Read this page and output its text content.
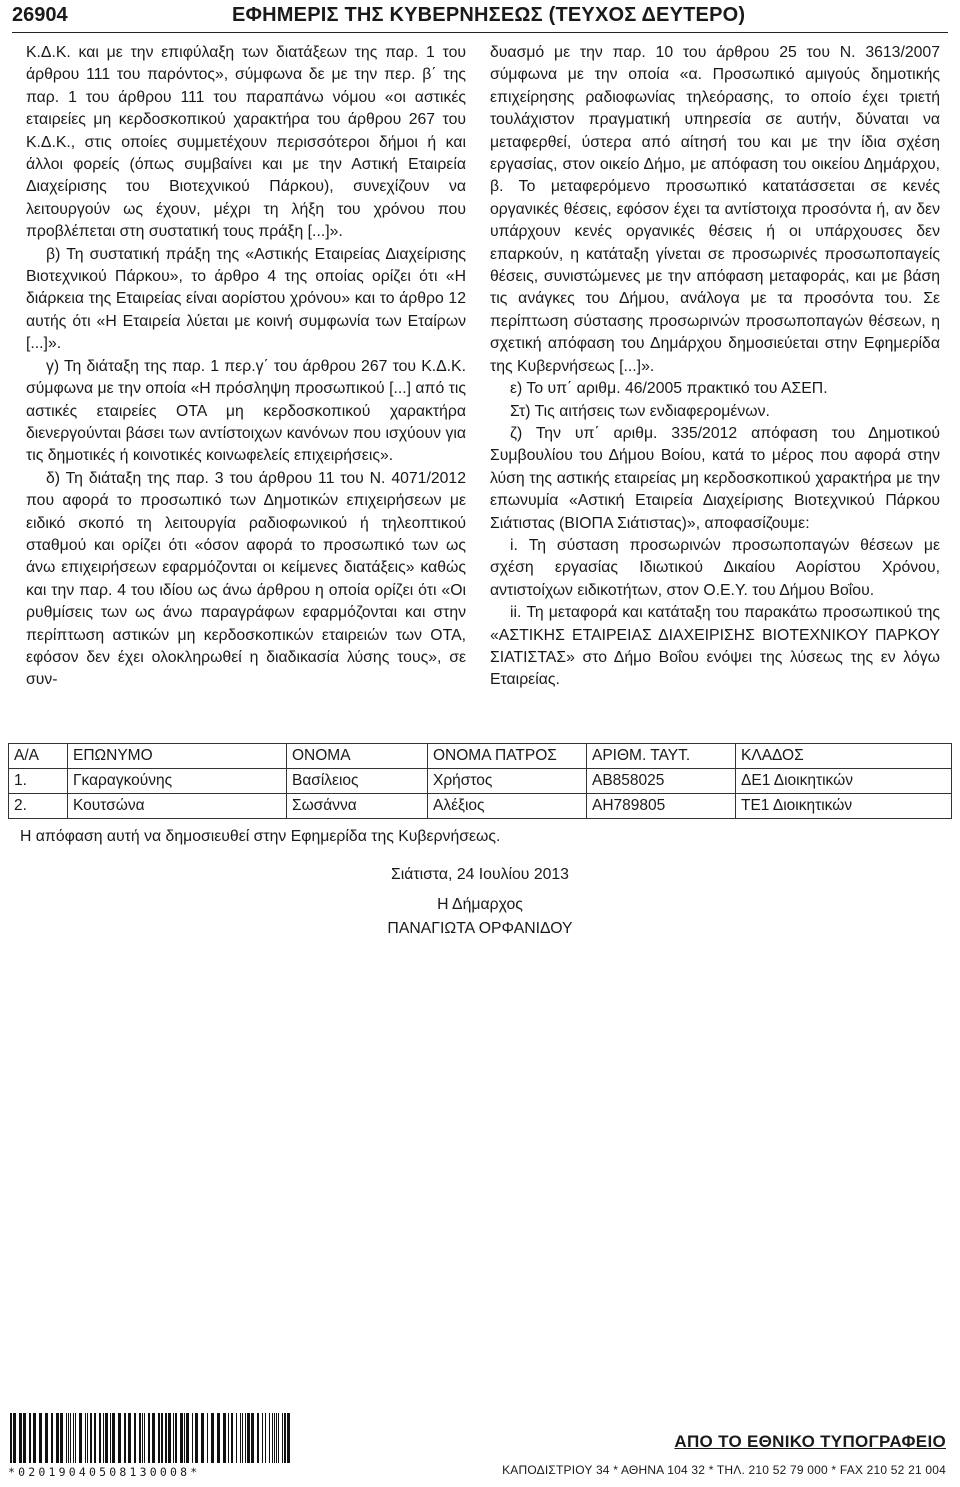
26904	ΕΦΗΜΕΡΙΣ ΤΗΣ ΚΥΒΕΡΝΗΣΕΩΣ (ΤΕΥΧΟΣ ΔΕΥΤΕΡΟ)

Κ.Δ.Κ. και με την επιφύλαξη των διατάξεων της παρ. 1 του άρθρου 111 του παρόντος», σύμφωνα δε με την περ. β΄ της παρ. 1 του άρθρου 111 του παραπάνω νόμου «οι αστικές εταιρείες μη κερδοσκοπικού χαρακτήρα του άρθρου 267 του Κ.Δ.Κ., στις οποίες συμμετέχουν περισσότεροι δήμοι ή και άλλοι φορείς (όπως συμβαίνει και με την Αστική Εταιρεία Διαχείρισης του Βιοτεχνικού Πάρκου), συνεχίζουν να λειτουργούν ως έχουν, μέχρι τη λήξη του χρόνου που προβλέπεται στη συστατική τους πράξη [...]».

β) Τη συστατική πράξη της «Αστικής Εταιρείας Διαχείρισης Βιοτεχνικού Πάρκου», το άρθρο 4 της οποίας ορίζει ότι «Η διάρκεια της Εταιρείας είναι αορίστου χρόνου» και το άρθρο 12 αυτής ότι «Η Εταιρεία λύεται με κοινή συμφωνία των Εταίρων [...]».

γ) Τη διάταξη της παρ. 1 περ.γ΄ του άρθρου 267 του Κ.Δ.Κ. σύμφωνα με την οποία «Η πρόσληψη προσωπικού [...] από τις αστικές εταιρείες ΟΤΑ μη κερδοσκοπικού χαρακτήρα διενεργούνται βάσει των αντίστοιχων κανόνων που ισχύουν για τις δημοτικές ή κοινοτικές κοινωφελείς επιχειρήσεις».

δ) Τη διάταξη της παρ. 3 του άρθρου 11 του Ν. 4071/2012 που αφορά το προσωπικό των Δημοτικών επιχειρήσεων με ειδικό σκοπό τη λειτουργία ραδιοφωνικού ή τηλεοπτικού σταθμού και ορίζει ότι «όσον αφορά το προσωπικό των ως άνω επιχειρήσεων εφαρμόζονται οι κείμενες διατάξεις» καθώς και την παρ. 4 του ιδίου ως άνω άρθρου η οποία ορίζει ότι «Οι ρυθμίσεις των ως άνω παραγράφων εφαρμόζονται και στην περίπτωση αστικών μη κερδοσκοπικών εταιρειών των ΟΤΑ, εφόσον δεν έχει ολοκληρωθεί η διαδικασία λύσης τους», σε συν-

δυασμό με την παρ. 10 του άρθρου 25 του Ν. 3613/2007 σύμφωνα με την οποία «α. Προσωπικό αμιγούς δημοτικής επιχείρησης ραδιοφωνίας τηλεόρασης, το οποίο έχει τριετή τουλάχιστον πραγματική υπηρεσία σε αυτήν, δύναται να μεταφερθεί, ύστερα από αίτησή του και με την ίδια σχέση εργασίας, στον οικείο Δήμο, με απόφαση του οικείου Δημάρχου, β. Το μεταφερόμενο προσωπικό κατατάσσεται σε κενές οργανικές θέσεις, εφόσον έχει τα αντίστοιχα προσόντα ή, αν δεν υπάρχουν κενές οργανικές θέσεις ή οι υπάρχουσες δεν επαρκούν, η κατάταξη γίνεται σε προσωρινές προσωποπαγείς θέσεις, συνιστώμενες με την απόφαση μεταφοράς, και με βάση τις ανάγκες του Δήμου, ανάλογα με τα προσόντα του. Σε περίπτωση σύστασης προσωρινών προσωποπαγών θέσεων, η σχετική απόφαση του Δημάρχου δημοσιεύεται στην Εφημερίδα της Κυβερνήσεως [...]».

ε) Το υπ΄ αριθμ. 46/2005 πρακτικό του ΑΣΕΠ.

Στ) Τις αιτήσεις των ενδιαφερομένων.

ζ) Την υπ΄ αριθμ. 335/2012 απόφαση του Δημοτικού Συμβουλίου του Δήμου Βοίου, κατά το μέρος που αφορά στην λύση της αστικής εταιρείας μη κερδοσκοπικού χαρακτήρα με την επωνυμία «Αστική Εταιρεία Διαχείρισης Βιοτεχνικού Πάρκου Σιάτιστας (ΒΙΟΠΑ Σιάτιστας)», αποφασίζουμε:

i. Τη σύσταση προσωρινών προσωποπαγών θέσεων με σχέση εργασίας Ιδιωτικού Δικαίου Αορίστου Χρόνου, αντιστοίχων ειδικοτήτων, στον Ο.Ε.Υ. του Δήμου Βοΐου.

ii. Τη μεταφορά και κατάταξη του παρακάτω προσωπικού της «ΑΣΤΙΚΗΣ ΕΤΑΙΡΕΙΑΣ ΔΙΑΧΕΙΡΙΣΗΣ ΒΙΟΤΕΧΝΙΚΟΥ ΠΑΡΚΟΥ ΣΙΑΤΙΣΤΑΣ» στο Δήμο Βοΐου ενόψει της λύσεως της εν λόγω Εταιρείας.

Α/Α	ΕΠΩΝΥΜΟ	ΟΝΟΜΑ	ΟΝΟΜΑ ΠΑΤΡΟΣ	ΑΡΙΘΜ. ΤΑΥΤ.	ΚΛΑΔΟΣ
1.	Γκαραγκούνης	Βασίλειος	Χρήστος	ΑΒ858025	ΔΕ1 Διοικητικών
2.	Κουτσώνα	Σωσάννα	Αλέξιος	ΑΗ789805	ΤΕ1 Διοικητικών
Η απόφαση αυτή να δημοσιευθεί στην Εφημερίδα της Κυβερνήσεως.
Σιάτιστα, 24 Ιουλίου 2013
Η Δήμαρχος
ΠΑΝΑΓΙΩΤΑ ΟΡΦΑΝΙΔΟΥ
*02019040508130008*
ΑΠΟ ΤΟ ΕΘΝΙΚΟ ΤΥΠΟΓΡΑΦΕΙΟ
ΚΑΠΟΔΙΣΤΡΙΟΥ 34 * ΑΘΗΝΑ 104 32 * ΤΗΛ. 210 52 79 000 * FAX 210 52 21 004
